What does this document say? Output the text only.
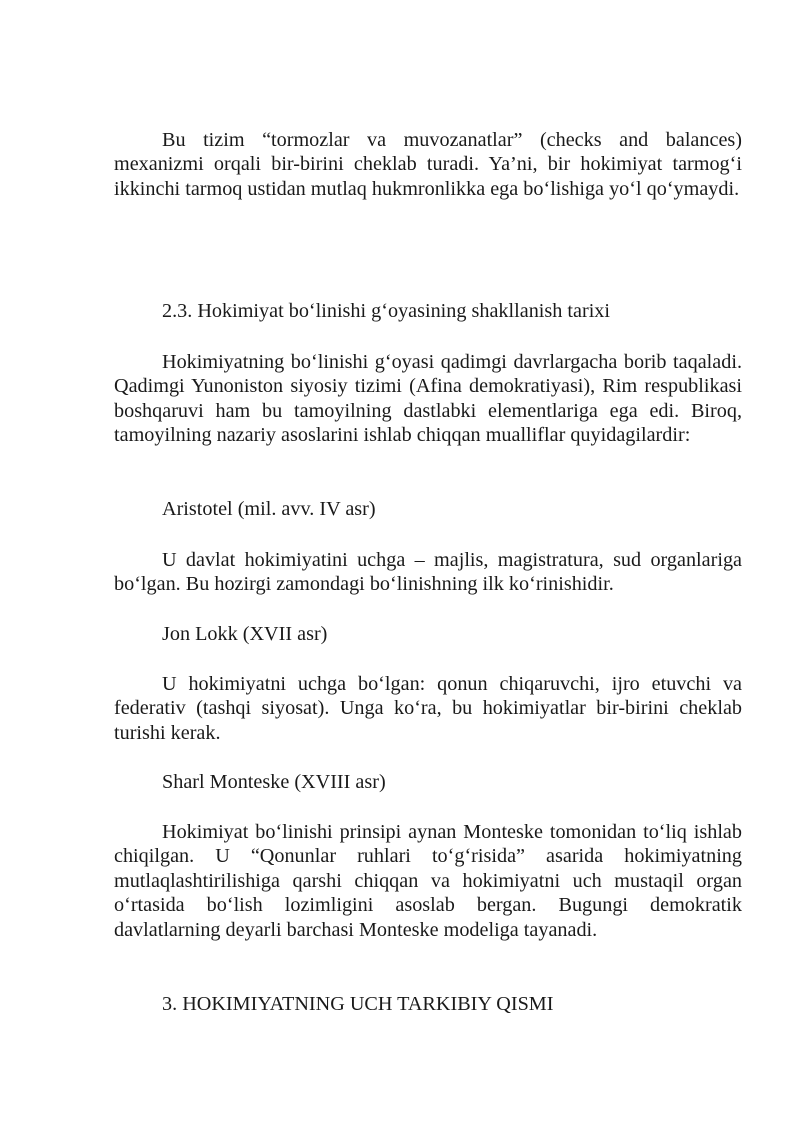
Bu tizim “tormozlar va muvozanatlar” (checks and balances) mexanizmi orqali bir-birini cheklab turadi. Ya’ni, bir hokimiyat tarmog‘i ikkinchi tarmoq ustidan mutlaq hukmronlikka ega bo‘lishiga yo‘l qo‘ymaydi.

2.3. Hokimiyat bo‘linishi g‘oyasining shakllanish tarixi

Hokimiyatning bo‘linishi g‘oyasi qadimgi davrlargacha borib taqaladi. Qadimgi Yunoniston siyosiy tizimi (Afina demokratiyasi), Rim respublikasi boshqaruvi ham bu tamoyilning dastlabki elementlariga ega edi. Biroq, tamoyilning nazariy asoslarini ishlab chiqqan mualliflar quyidagilardir:

Aristotel (mil. avv. IV asr)

U davlat hokimiyatini uchga – majlis, magistratura, sud organlariga bo‘lgan. Bu hozirgi zamondagi bo‘linishning ilk ko‘rinishidir.

Jon Lokk (XVII asr)

U hokimiyatni uchga bo‘lgan: qonun chiqaruvchi, ijro etuvchi va federativ (tashqi siyosat). Unga ko‘ra, bu hokimiyatlar bir-birini cheklab turishi kerak.

Sharl Monteske (XVIII asr)

Hokimiyat bo‘linishi prinsipi aynan Monteske tomonidan to‘liq ishlab chiqilgan. U “Qonunlar ruhlari to‘g‘risida” asarida hokimiyatning mutlaqlashtirilishiga qarshi chiqqan va hokimiyatni uch mustaqil organ o‘rtasida bo‘lish lozimligini asoslab bergan. Bugungi demokratik davlatlarning deyarli barchasi Monteske modeliga tayanadi.

3. HOKIMIYATNING UCH TARKIBIY QISMI
